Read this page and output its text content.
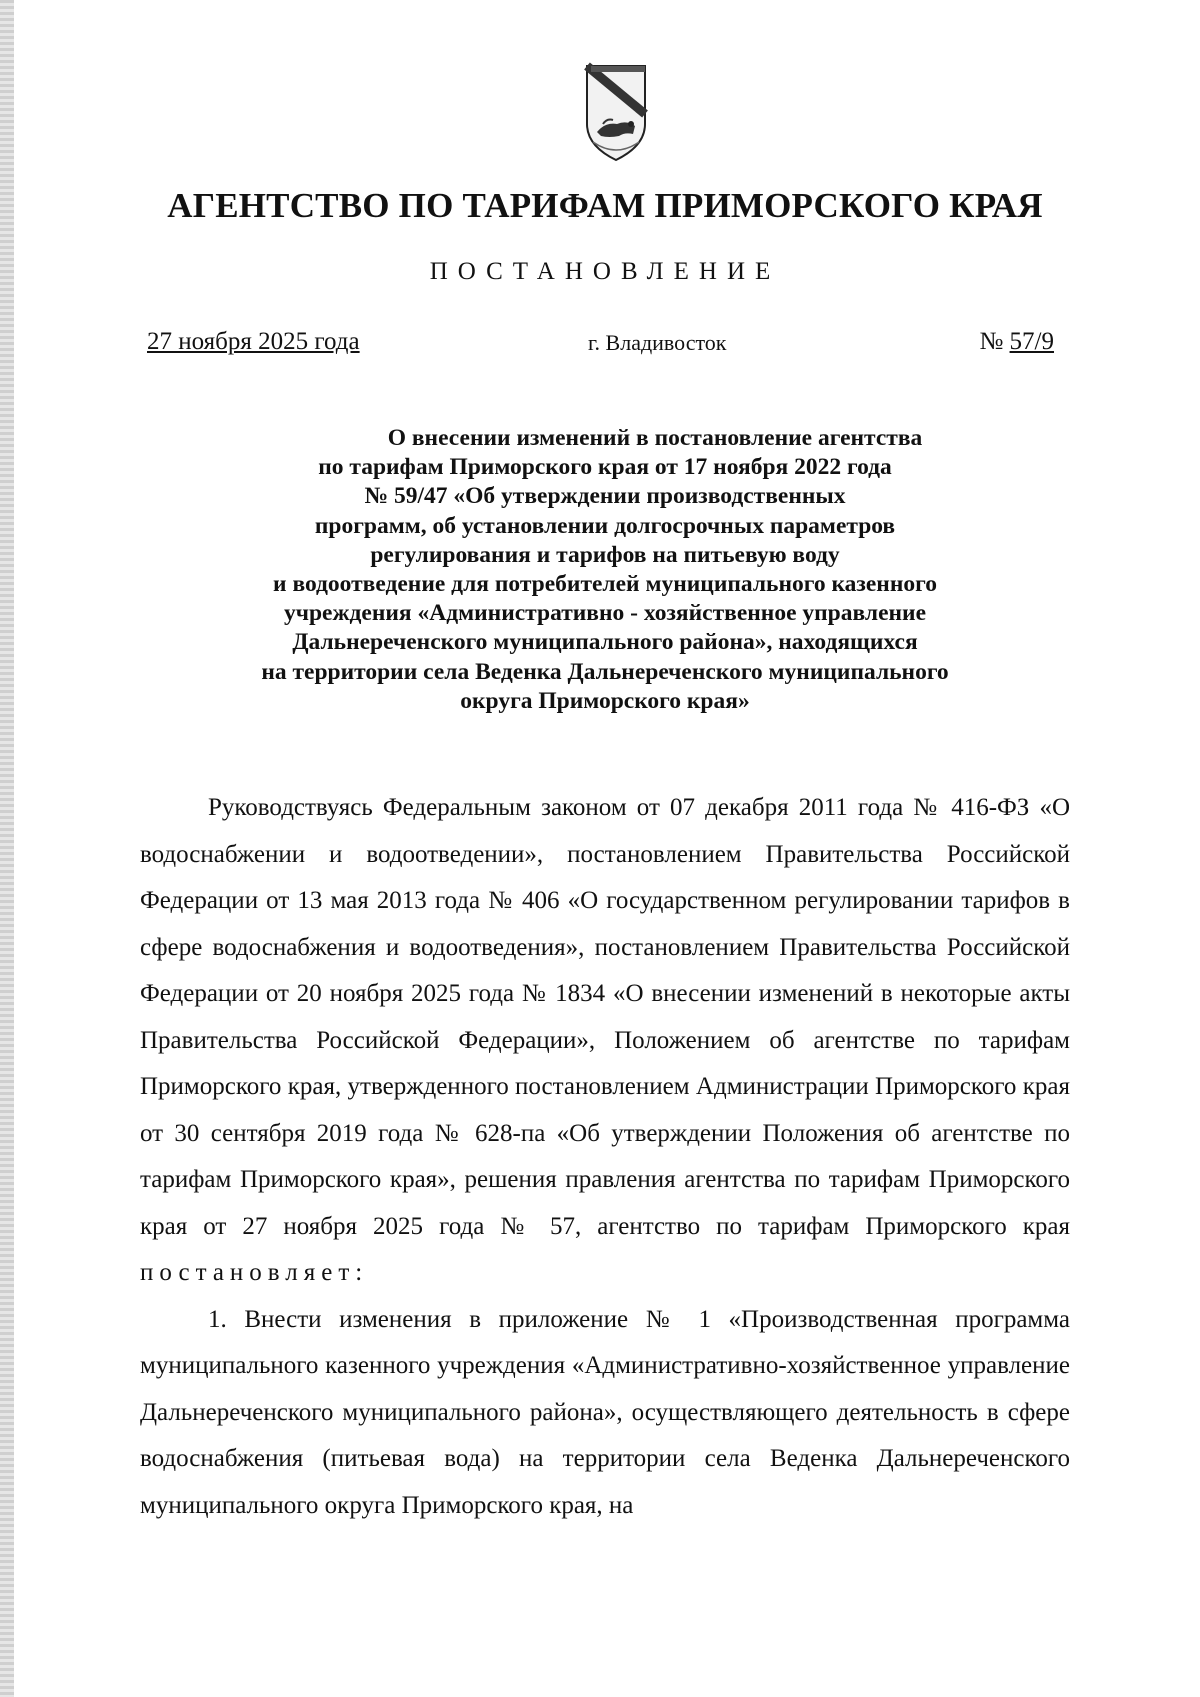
АГЕНТСТВО ПО ТАРИФАМ ПРИМОРСКОГО КРАЯ
ПОСТАНОВЛЕНИЕ
27 ноября 2025 года	г. Владивосток	№ 57/9
О внесении изменений в постановление агентства
по тарифам Приморского края от 17 ноября 2022 года
№ 59/47 «Об утверждении производственных
программ, об установлении долгосрочных параметров
регулирования и тарифов на питьевую воду
и водоотведение для потребителей муниципального казенного
учреждения «Административно - хозяйственное управление
Дальнереченского муниципального района», находящихся
на территории села Веденка Дальнереченского муниципального
округа Приморского края»

Руководствуясь Федеральным законом от 07 декабря 2011 года № 416-ФЗ «О водоснабжении и водоотведении», постановлением Правительства Российской Федерации от 13 мая 2013 года № 406 «О государственном регулировании тарифов в сфере водоснабжения и водоотведения», постановлением Правительства Российской Федерации от 20 ноября 2025 года № 1834 «О внесении изменений в некоторые акты Правительства Российской Федерации», Положением об агентстве по тарифам Приморского края, утвержденного постановлением Администрации Приморского края от 30 сентября 2019 года № 628-па «Об утверждении Положения об агентстве по тарифам Приморского края», решения правления агентства по тарифам Приморского края от 27 ноября 2025 года № 57, агентство по тарифам Приморского края постановляет:

1. Внести изменения в приложение № 1 «Производственная программа муниципального казенного учреждения «Административно-хозяйственное управление Дальнереченского муниципального района», осуществляющего деятельность в сфере водоснабжения (питьевая вода) на территории села Веденка Дальнереченского муниципального округа Приморского края, на
